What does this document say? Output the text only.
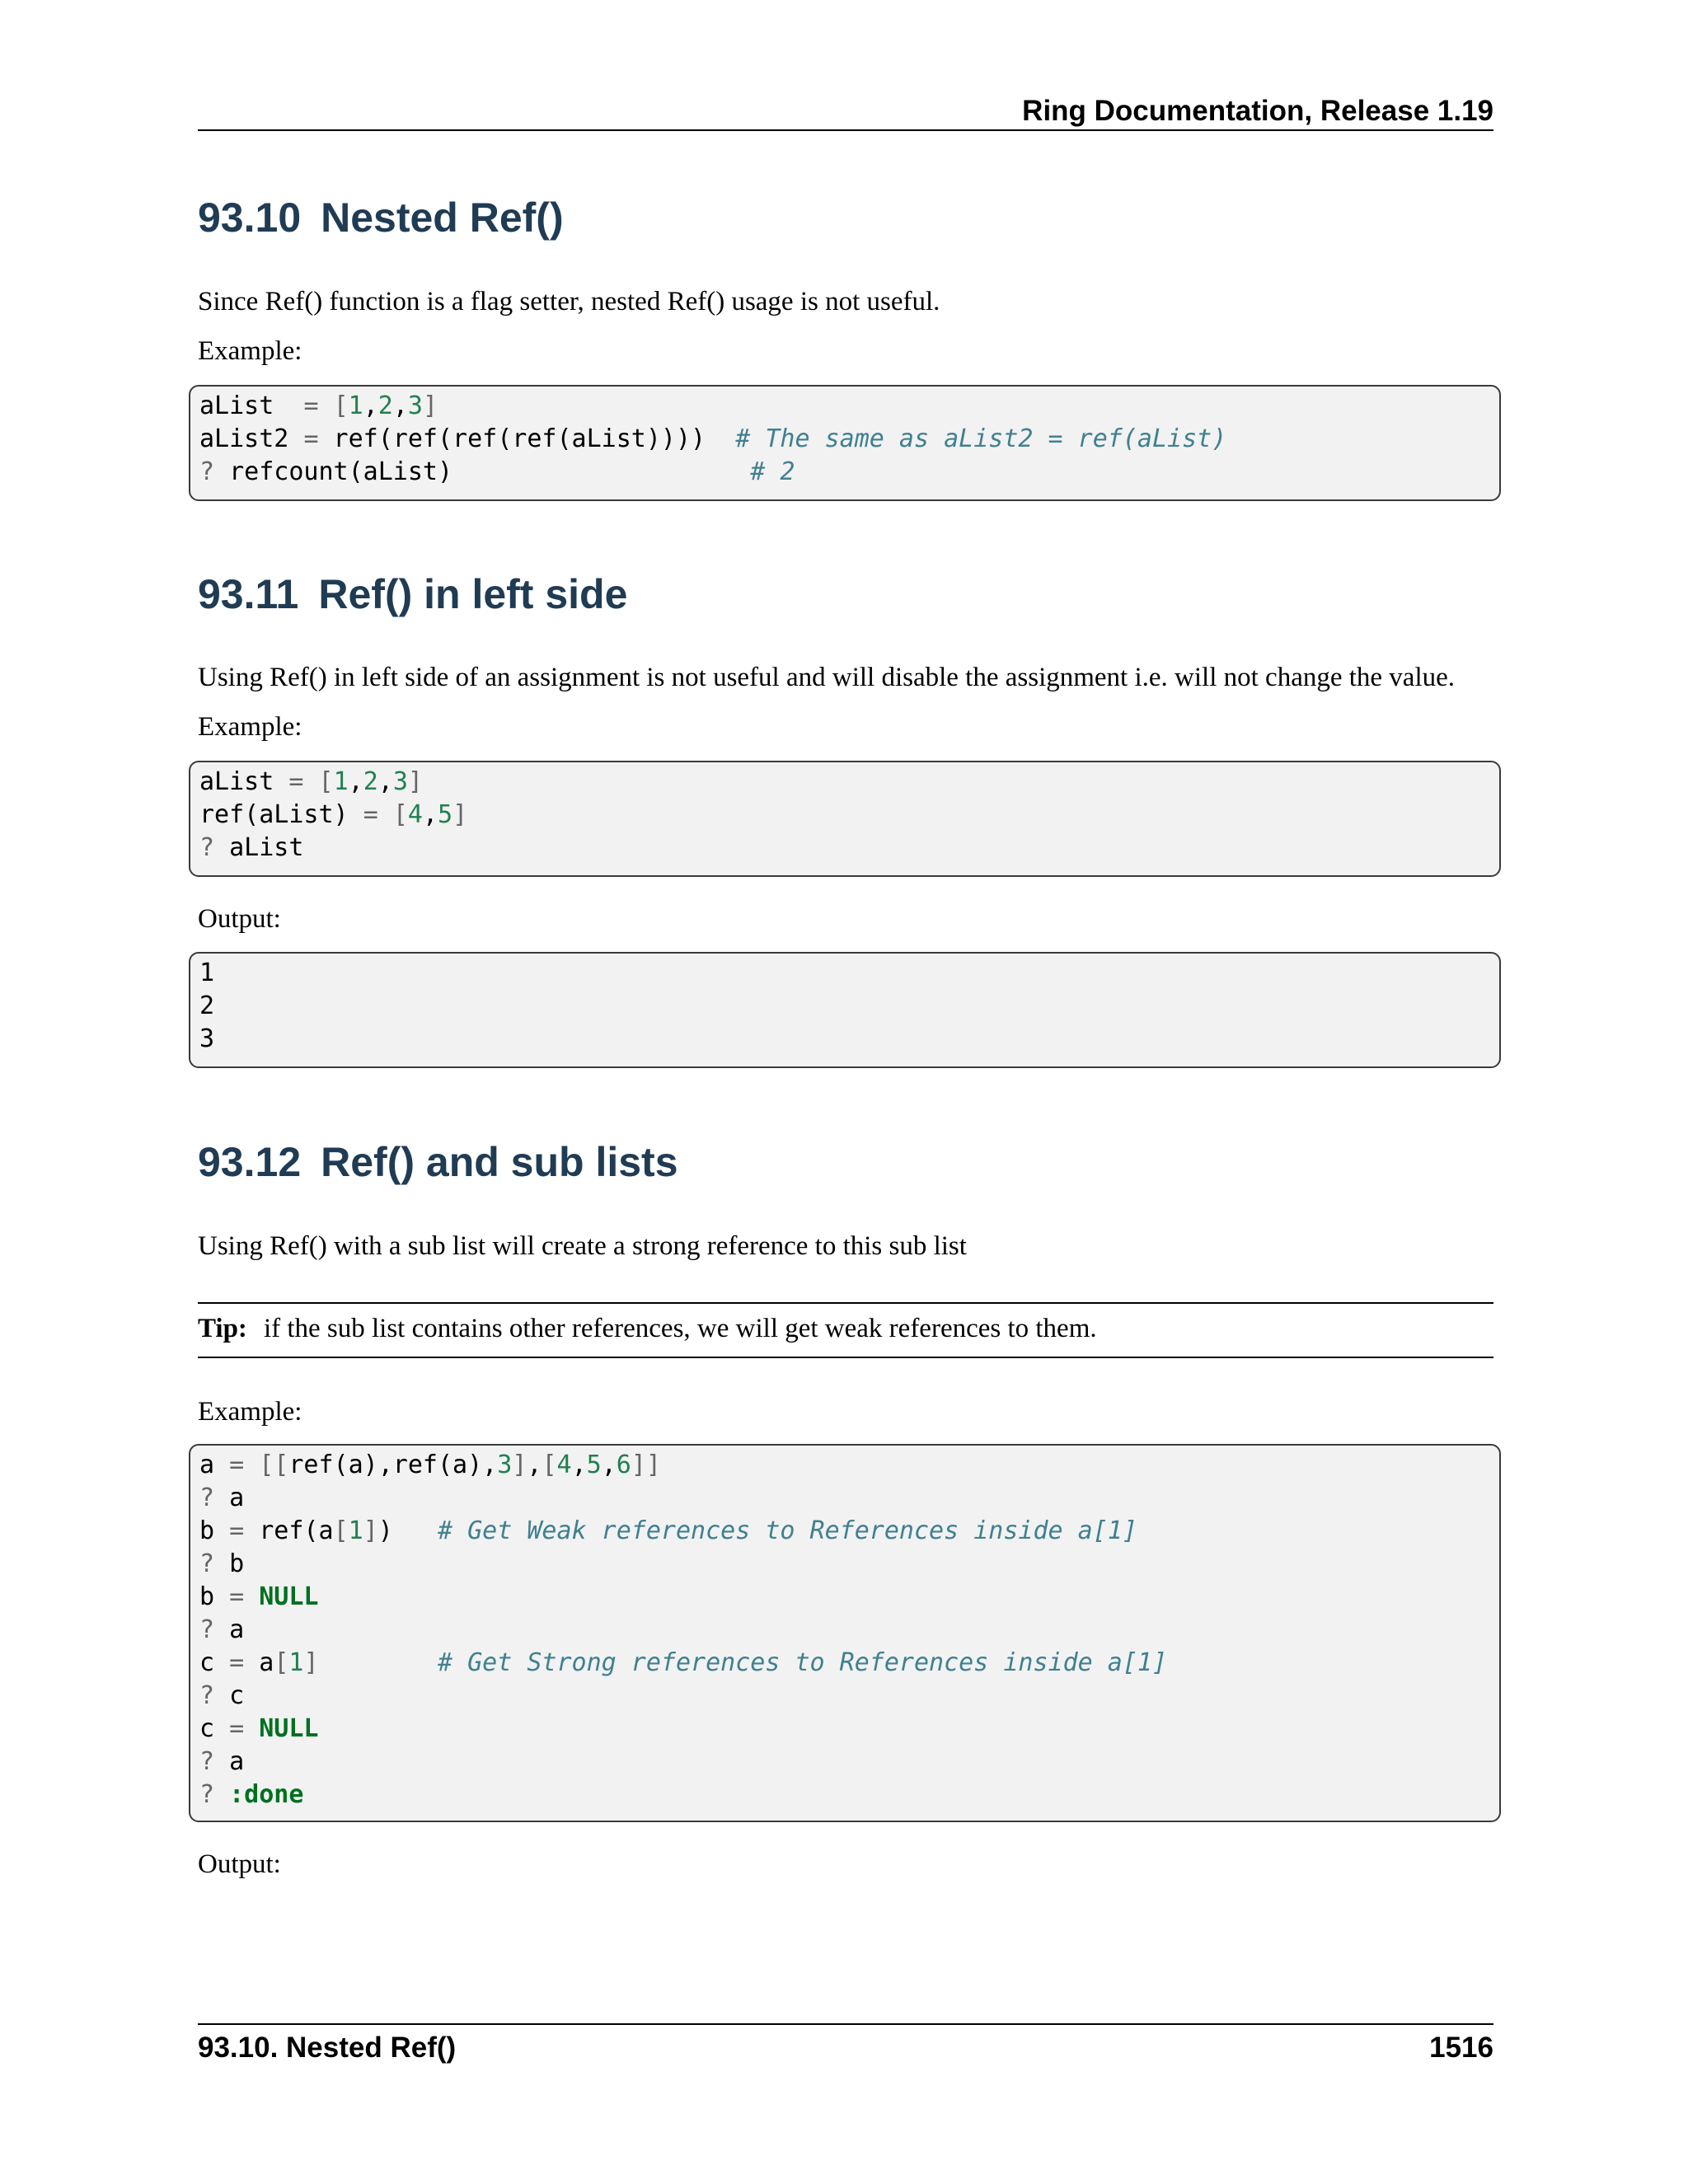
Ring Documentation, Release 1.19
93.10 Nested Ref()

Since Ref() function is a flag setter, nested Ref() usage is not useful.

Example:

aList  = [1,2,3]
aList2 = ref(ref(ref(ref(aList))))  # The same as aList2 = ref(aList)
? refcount(aList)                    # 2
93.11 Ref() in left side

Using Ref() in left side of an assignment is not useful and will disable the assignment i.e. will not change the value.

Example:

aList = [1,2,3]
ref(aList) = [4,5]
? aList

Output:

1
2
3
93.12 Ref() and sub lists

Using Ref() with a sub list will create a strong reference to this sub list

Tip: if the sub list contains other references, we will get weak references to them.

Example:

a = [[ref(a),ref(a),3],[4,5,6]]
? a
b = ref(a[1])   # Get Weak references to References inside a[1]
? b
b = NULL
? a
c = a[1]	# Get Strong references to References inside a[1]
? c
c = NULL
? a
? :done

Output:

93.10. Nested Ref()	1516
